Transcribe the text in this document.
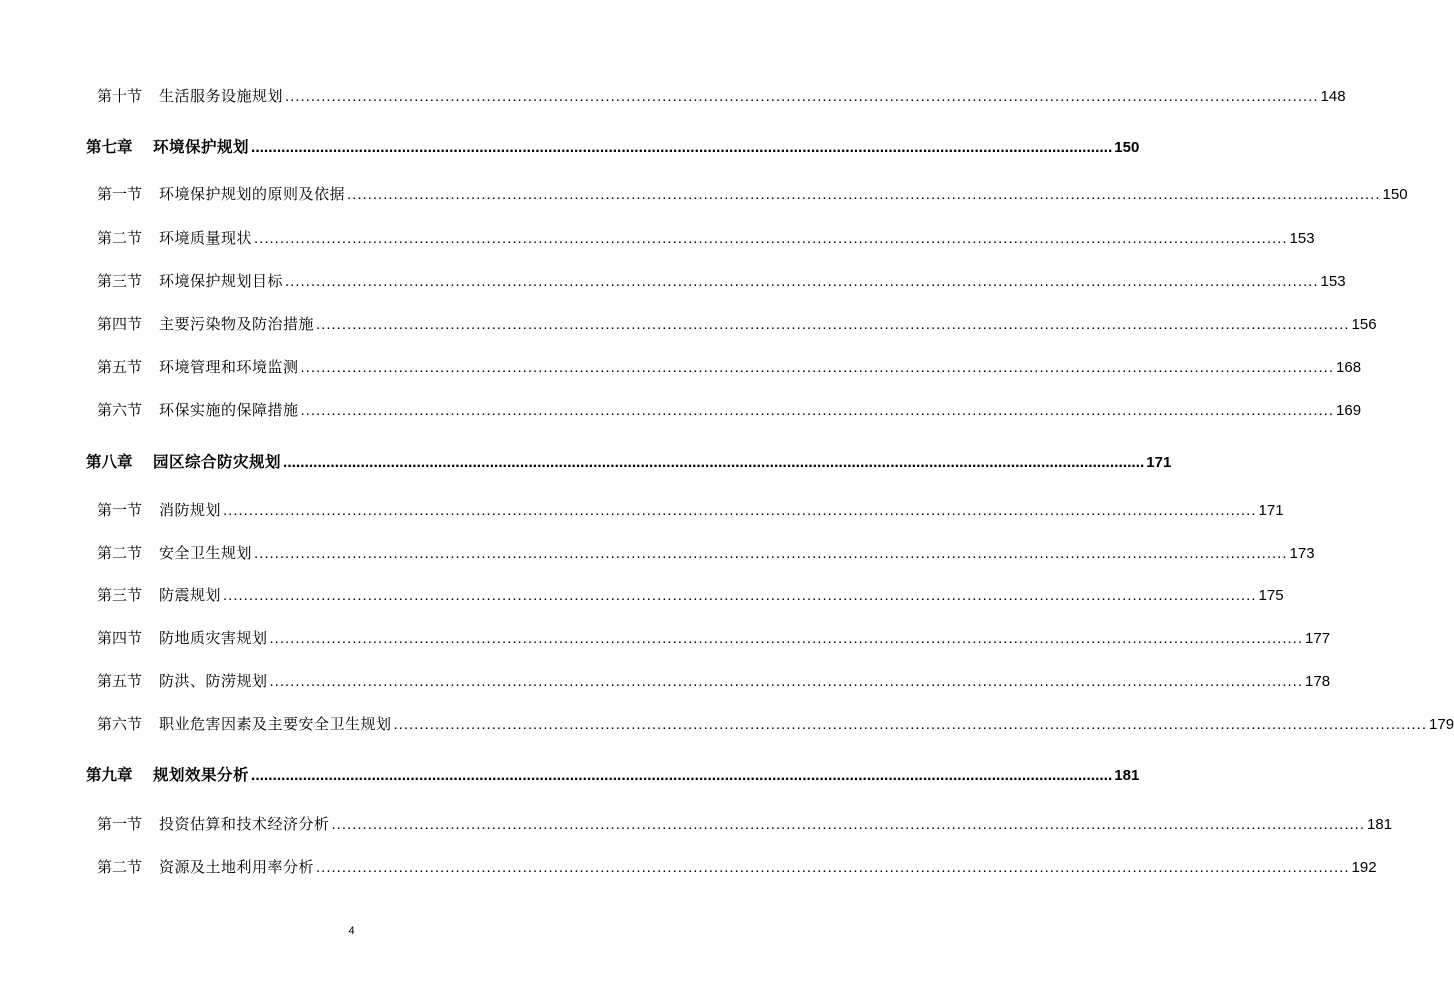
第十节	生活服务设施规划 ........................................................................................................................................................................................................ 148
第七章	环境保护规划 ........................................................................................................................................................................................................ 150
第一节	环境保护规划的原则及依据 ........................................................................................................................................................................................................ 150
第二节	环境质量现状 ........................................................................................................................................................................................................ 153
第三节	环境保护规划目标 ........................................................................................................................................................................................................ 153
第四节	主要污染物及防治措施 ........................................................................................................................................................................................................ 156
第五节	环境管理和环境监测 ........................................................................................................................................................................................................ 168
第六节	环保实施的保障措施 ........................................................................................................................................................................................................ 169
第八章	园区综合防灾规划 ........................................................................................................................................................................................................ 171
第一节	消防规划 ........................................................................................................................................................................................................ 171
第二节	安全卫生规划 ........................................................................................................................................................................................................ 173
第三节	防震规划 ........................................................................................................................................................................................................ 175
第四节	防地质灾害规划 ........................................................................................................................................................................................................ 177
第五节	防洪、防涝规划 ........................................................................................................................................................................................................ 178
第六节	职业危害因素及主要安全卫生规划 ........................................................................................................................................................................................................ 179
第九章	规划效果分析 ........................................................................................................................................................................................................ 181
第一节	投资估算和技术经济分析 ........................................................................................................................................................................................................ 181
第二节	资源及土地利用率分析 ........................................................................................................................................................................................................ 192
4
